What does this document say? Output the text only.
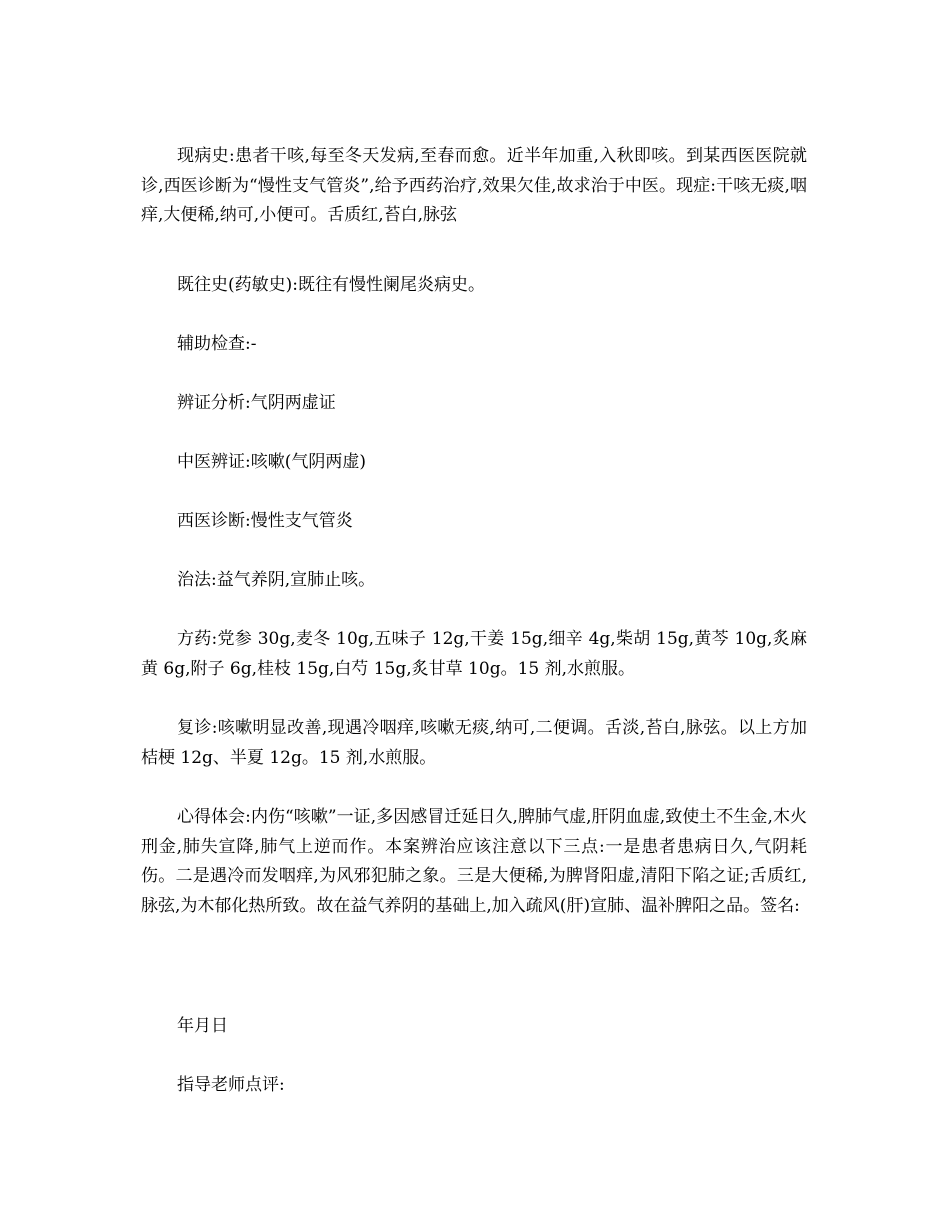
现病史:患者干咳,每至冬天发病,至春而愈。近半年加重,入秋即咳。到某西医医院就诊,西医诊断为“慢性支气管炎”,给予西药治疗,效果欠佳,故求治于中医。现症:干咳无痰,咽痒,大便稀,纳可,小便可。舌质红,苔白,脉弦

既往史(药敏史):既往有慢性阑尾炎病史。

辅助检查:-

辨证分析:气阴两虚证

中医辨证:咳嗽(气阴两虚)

西医诊断:慢性支气管炎

治法:益气养阴,宣肺止咳。

方药:党参 30g,麦冬 10g,五味子 12g,干姜 15g,细辛 4g,柴胡 15g,黄芩 10g,炙麻黄 6g,附子 6g,桂枝 15g,白芍 15g,炙甘草 10g。15 剂,水煎服。

复诊:咳嗽明显改善,现遇冷咽痒,咳嗽无痰,纳可,二便调。舌淡,苔白,脉弦。以上方加桔梗 12g、半夏 12g。15 剂,水煎服。

心得体会:内伤“咳嗽”一证,多因感冒迁延日久,脾肺气虚,肝阴血虚,致使土不生金,木火刑金,肺失宣降,肺气上逆而作。本案辨治应该注意以下三点:一是患者患病日久,气阴耗伤。二是遇冷而发咽痒,为风邪犯肺之象。三是大便稀,为脾肾阳虚,清阳下陷之证;舌质红,脉弦,为木郁化热所致。故在益气养阴的基础上,加入疏风(肝)宣肺、温补脾阳之品。签名:

年月日

指导老师点评:
